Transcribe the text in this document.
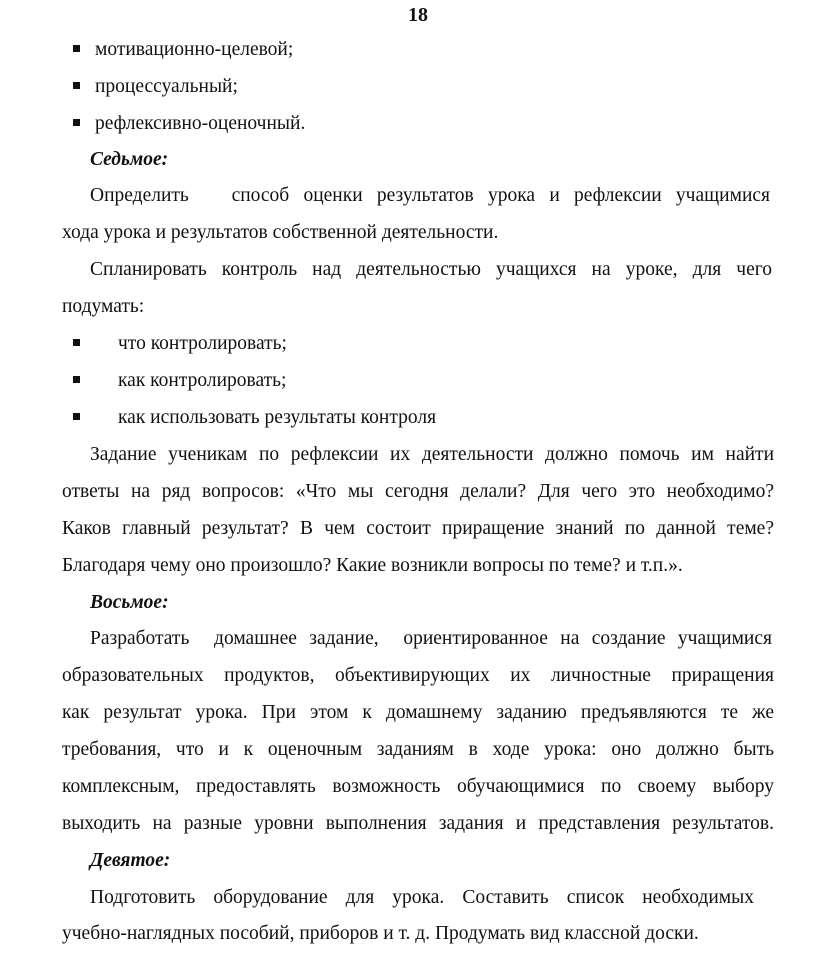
18
мотивационно-целевой;
процессуальный;
рефлексивно-оценочный.
Седьмое:
Определить   способ оценки результатов урока и рефлексии учащимися
хода урока и результатов собственной деятельности.
Спланировать контроль над деятельностью учащихся на уроке, для чего
подумать:
что контролировать;
как контролировать;
как использовать результаты контроля
Задание ученикам по рефлексии их деятельности должно помочь им найти
ответы на ряд вопросов: «Что мы сегодня делали? Для чего это необходимо?
Каков главный результат? В чем состоит приращение знаний по данной теме?
Благодаря чему оно произошло? Какие возникли вопросы по теме? и т.п.».
Восьмое:
Разработать  домашнее задание,  ориентированное на создание учащимися
образовательных продуктов, объективирующих их личностные приращения
как результат урока. При этом к домашнему заданию предъявляются те же
требования, что и к оценочным заданиям в ходе урока: оно должно быть
комплексным, предоставлять возможность обучающимися по своему выбору
выходить на разные уровни выполнения задания и представления результатов.
Девятое:
Подготовить оборудование для урока. Составить список необходимых
учебно-наглядных пособий, приборов и т. д. Продумать вид классной доски.
